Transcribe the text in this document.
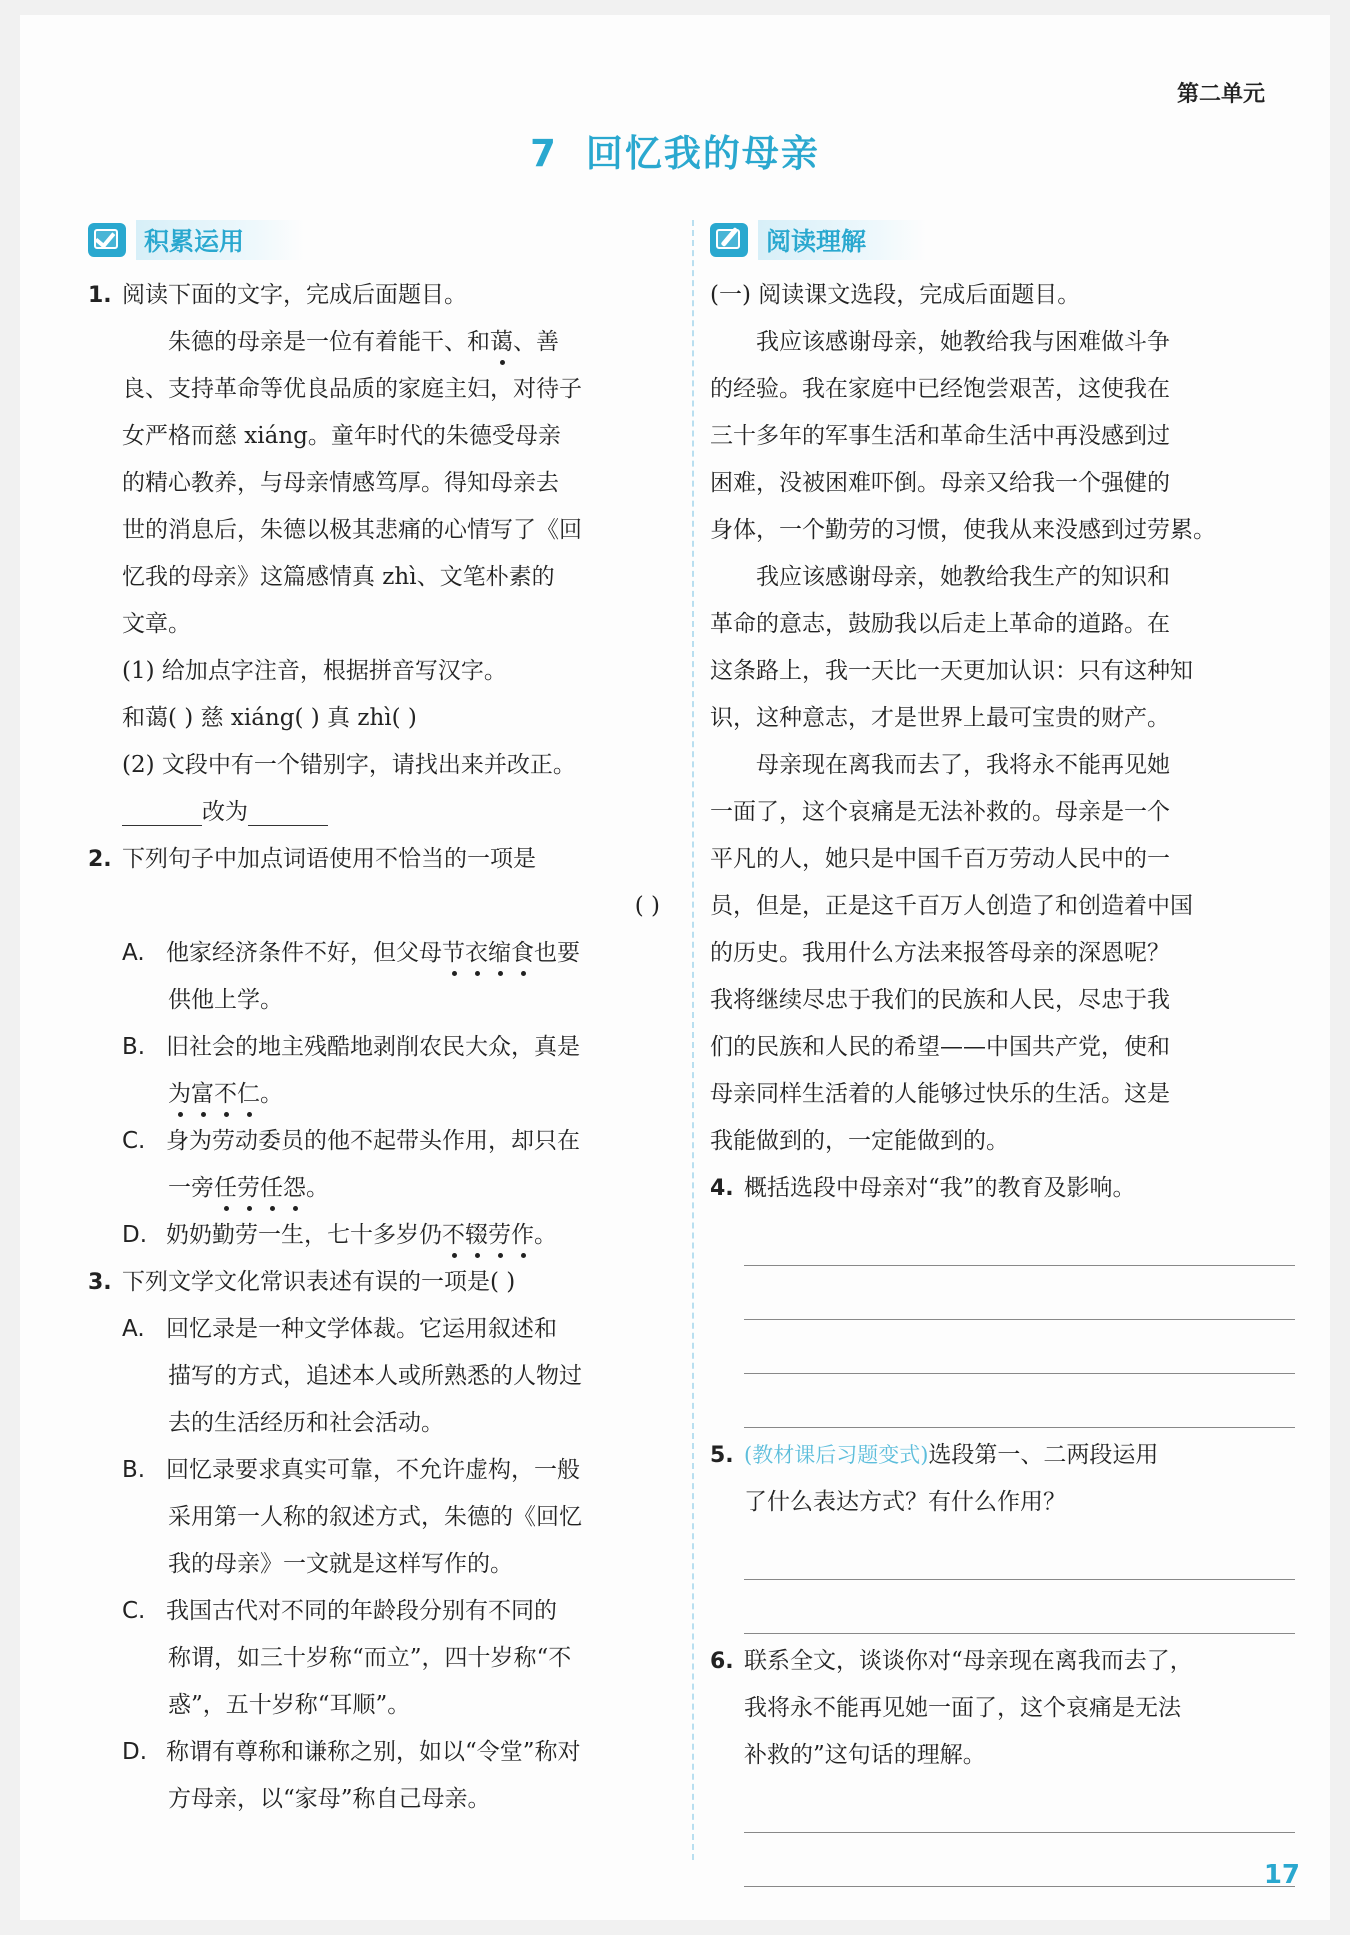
第二单元
7 回忆我的母亲
积累运用
1. 阅读下面的文字，完成后面题目。
  朱德的母亲是一位有着能干、和蔼、善
良、支持革命等优良品质的家庭主妇，对待子
女严格而慈 xiáng。童年时代的朱德受母亲
的精心教养，与母亲情感笃厚。得知母亲去
世的消息后，朱德以极其悲痛的心情写了《回
忆我的母亲》这篇感情真 zhì、文笔朴素的
文章。
(1) 给加点字注音，根据拼音写汉字。
和蔼( ) 慈 xiáng( ) 真 zhì( )
(2) 文段中有一个错别字，请找出来并改正。
改为
2. 下列句子中加点词语使用不恰当的一项是
( )
A. 他家经济条件不好，但父母节衣缩食也要
供他上学。
B. 旧社会的地主残酷地剥削农民大众，真是
为富不仁。
C. 身为劳动委员的他不起带头作用，却只在
一旁任劳任怨。
D. 奶奶勤劳一生，七十多岁仍不辍劳作。
3. 下列文学文化常识表述有误的一项是( )
A. 回忆录是一种文学体裁。它运用叙述和
描写的方式，追述本人或所熟悉的人物过
去的生活经历和社会活动。
B. 回忆录要求真实可靠，不允许虚构，一般
采用第一人称的叙述方式，朱德的《回忆
我的母亲》一文就是这样写作的。
C. 我国古代对不同的年龄段分别有不同的
称谓，如三十岁称“而立”，四十岁称“不
惑”，五十岁称“耳顺”。
D. 称谓有尊称和谦称之别，如以“令堂”称对
方母亲，以“家母”称自己母亲。
阅读理解
(一) 阅读课文选段，完成后面题目。
我应该感谢母亲，她教给我与困难做斗争
的经验。我在家庭中已经饱尝艰苦，这使我在
三十多年的军事生活和革命生活中再没感到过
困难，没被困难吓倒。母亲又给我一个强健的
身体，一个勤劳的习惯，使我从来没感到过劳累。
我应该感谢母亲，她教给我生产的知识和
革命的意志，鼓励我以后走上革命的道路。在
这条路上，我一天比一天更加认识：只有这种知
识，这种意志，才是世界上最可宝贵的财产。
母亲现在离我而去了，我将永不能再见她
一面了，这个哀痛是无法补救的。母亲是一个
平凡的人，她只是中国千百万劳动人民中的一
员，但是，正是这千百万人创造了和创造着中国
的历史。我用什么方法来报答母亲的深恩呢？
我将继续尽忠于我们的民族和人民，尽忠于我
们的民族和人民的希望——中国共产党，使和
母亲同样生活着的人能够过快乐的生活。这是
我能做到的，一定能做到的。
4. 概括选段中母亲对“我”的教育及影响。
5. (教材课后习题变式)选段第一、二两段运用
了什么表达方式？有什么作用？
6. 联系全文，谈谈你对“母亲现在离我而去了，
我将永不能再见她一面了，这个哀痛是无法
补救的”这句话的理解。
17
